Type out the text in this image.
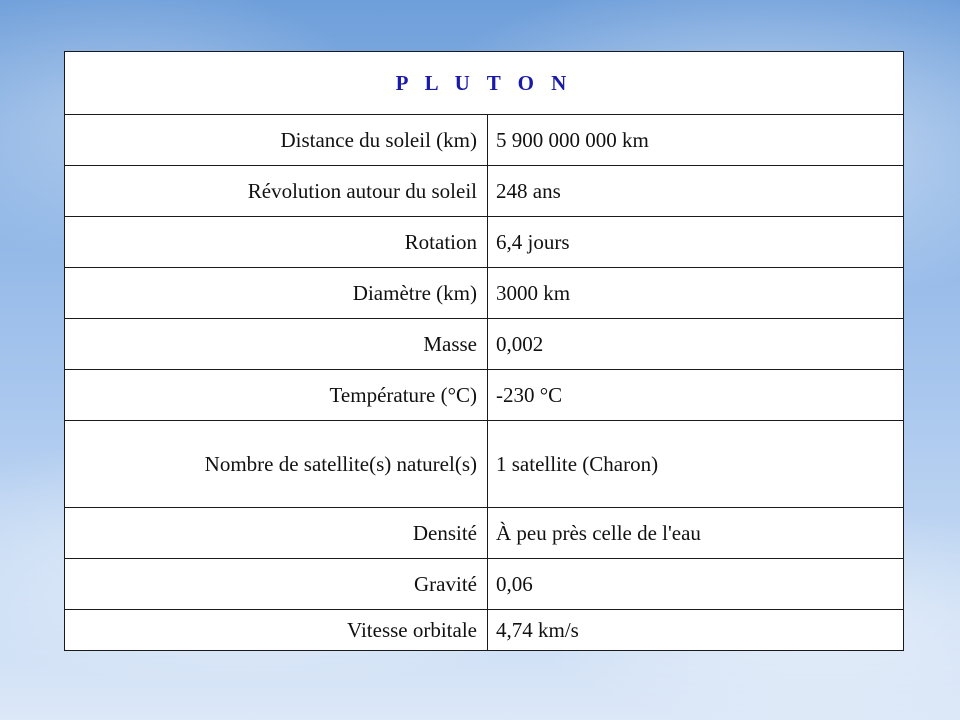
P L U T O N	
Distance du soleil (km)	5 900 000 000 km
Révolution autour du soleil	248 ans
Rotation	6,4 jours
Diamètre (km)	3000 km
Masse	0,002
Température (°C)	-230 °C
Nombre de satellite(s) naturel(s)	1 satellite (Charon)
Densité	À peu près celle de l'eau
Gravité	0,06
Vitesse orbitale	4,74 km/s
